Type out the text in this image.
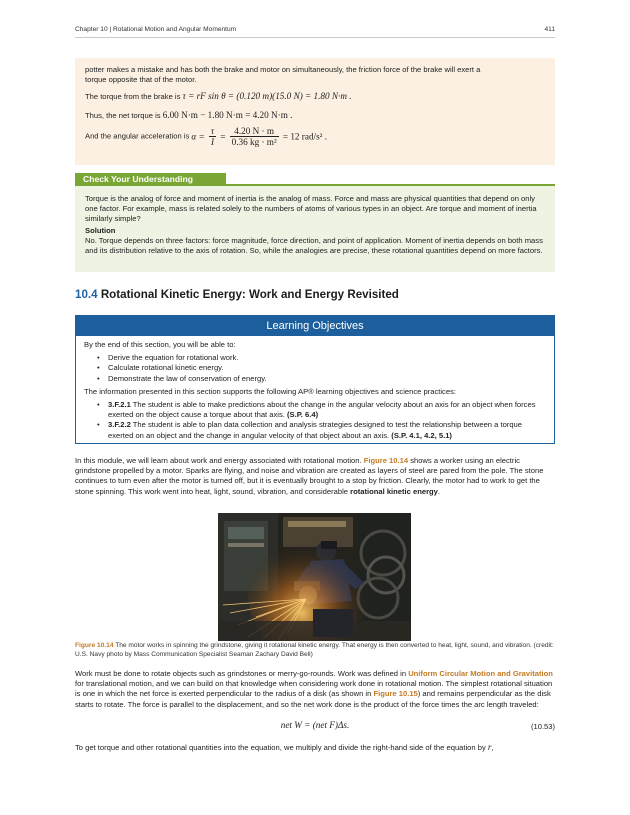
Chapter 10 | Rotational Motion and Angular Momentum	411
potter makes a mistake and has both the brake and motor on simultaneously, the friction force of the brake will exert a
torque opposite that of the motor.
The torque from the brake is τ = rF sin θ = (0.120 m)(15.0 N) = 1.80 N·m .
Thus, the net torque is 6.00 N·m − 1.80 N·m = 4.20 N·m .
And the angular acceleration is $\alpha = \frac{\tau}{I} = \frac{4.20 N \cdot m}{\text{0.36 kg · m²}} = 12$ rad/s² .
Check Your Understanding
Torque is the analog of force and moment of inertia is the analog of mass. Force and mass are physical quantities that depend on only one factor. For example, mass is related solely to the numbers of atoms of various types in an object. Are torque and moment of inertia similarly simple?
Solution
No. Torque depends on three factors: force magnitude, force direction, and point of application. Moment of inertia depends on both mass and its distribution relative to the axis of rotation. So, while the analogies are precise, these rotational quantities depend on more factors.
10.4 Rotational Kinetic Energy: Work and Energy Revisited
Learning Objectives
By the end of this section, you will be able to:
• Derive the equation for rotational work.
• Calculate rotational kinetic energy.
• Demonstrate the law of conservation of energy.
The information presented in this section supports the following AP® learning objectives and science practices:
• 3.F.2.1 The student is able to make predictions about the change in the angular velocity about an axis for an object when forces exerted on the object cause a torque about that axis. (S.P. 6.4)
• 3.F.2.2 The student is able to plan data collection and analysis strategies designed to test the relationship between a torque exerted on an object and the change in angular velocity of that object about an axis. (S.P. 4.1, 4.2, 5.1)
In this module, we will learn about work and energy associated with rotational motion. Figure 10.14 shows a worker using an electric grindstone propelled by a motor. Sparks are flying, and noise and vibration are created as layers of steel are pared from the pole. The stone continues to turn even after the motor is turned off, but it is eventually brought to a stop by friction. Clearly, the motor had to work to get the stone spinning. This work went into heat, light, sound, vibration, and considerable rotational kinetic energy.
Figure 10.14 The motor works in spinning the grindstone, giving it rotational kinetic energy. That energy is then converted to heat, light, sound, and vibration. (credit: U.S. Navy photo by Mass Communication Specialist Seaman Zachary David Bell)
Work must be done to rotate objects such as grindstones or merry-go-rounds. Work was defined in Uniform Circular Motion and Gravitation for translational motion, and we can build on that knowledge when considering work done in rotational motion. The simplest rotational situation is one in which the net force is exerted perpendicular to the radius of a disk (as shown in Figure 10.15) and remains perpendicular as the disk starts to rotate. The force is parallel to the displacement, and so the net work done is the product of the force times the arc length traveled:
net W = (net F)Δs.	(10.53)
To get torque and other rotational quantities into the equation, we multiply and divide the right-hand side of the equation by r,
